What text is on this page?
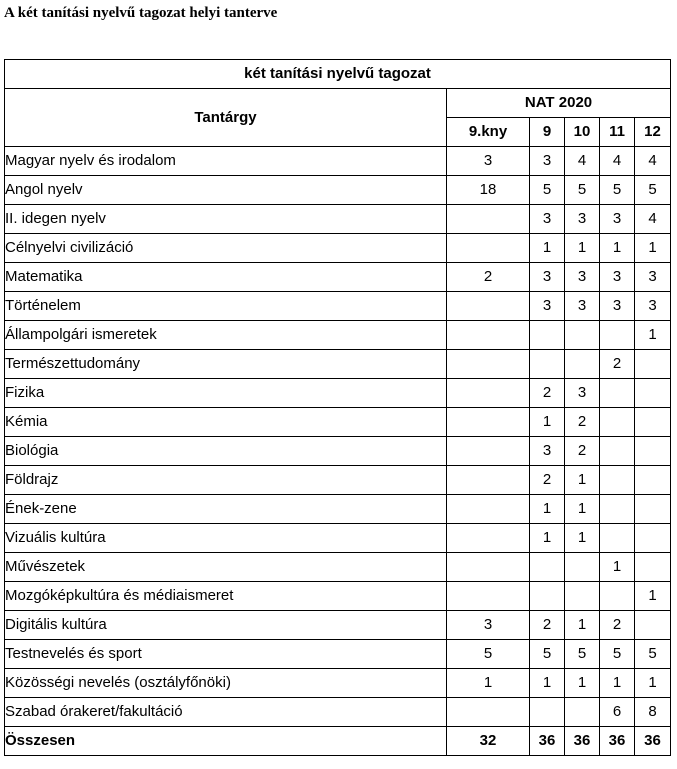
A két tanítási nyelvű tagozat helyi tanterve
két tanítási nyelvű tagozat					
Tantárgy	NAT 2020				
	9.kny	9	10	11	12
Magyar nyelv és irodalom	3	3	4	4	4
Angol nyelv	18	5	5	5	5
II. idegen nyelv		3	3	3	4
Célnyelvi civilizáció		1	1	1	1
Matematika	2	3	3	3	3
Történelem		3	3	3	3
Állampolgári ismeretek					1
Természettudomány				2	
Fizika		2	3		
Kémia		1	2		
Biológia		3	2		
Földrajz		2	1		
Ének-zene		1	1		
Vizuális kultúra		1	1		
Művészetek				1	
Mozgóképkultúra és médiaismeret					1
Digitális kultúra	3	2	1	2	
Testnevelés és sport	5	5	5	5	5
Közösségi nevelés (osztályfőnöki)	1	1	1	1	1
Szabad órakeret/fakultáció				6	8
Összesen	32	36	36	36	36
